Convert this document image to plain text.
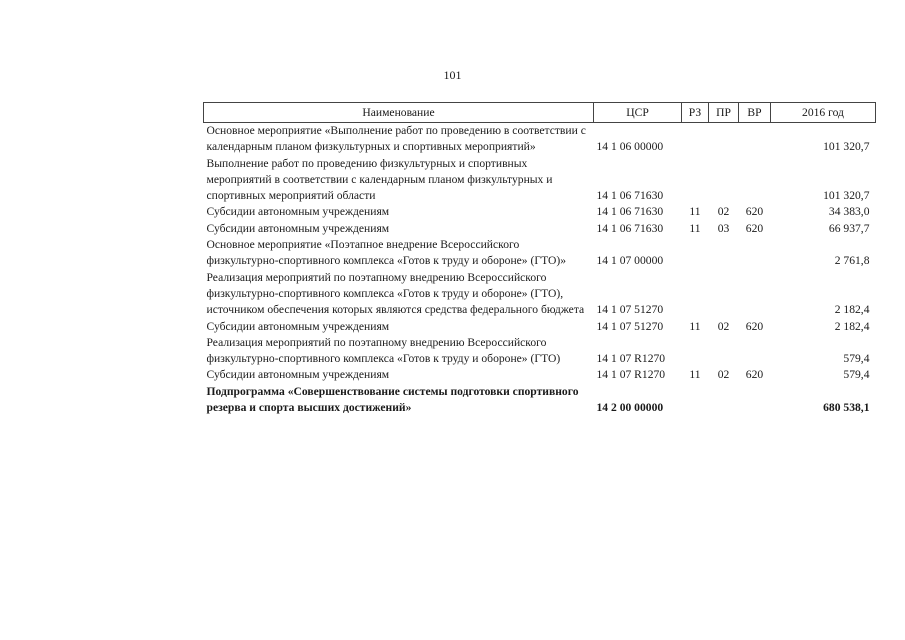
101
Наименование	ЦСР	РЗ	ПР	ВР	2016 год
Основное мероприятие «Выполнение работ по проведению в соответствии с календарным планом физкультурных и спортивных мероприятий»	14 1 06 00000				101 320,7
Выполнение работ по проведению физкультурных и спортивных мероприятий в соответствии с календарным планом физкультурных и спортивных мероприятий области	14 1 06 71630				101 320,7
Субсидии автономным учреждениям	14 1 06 71630	11	02	620	34 383,0
Субсидии автономным учреждениям	14 1 06 71630	11	03	620	66 937,7
Основное мероприятие «Поэтапное внедрение Всероссийского физкультурно-спортивного комплекса «Готов к труду и обороне» (ГТО)»	14 1 07 00000				2 761,8
Реализация мероприятий по поэтапному внедрению Всероссийского физкультурно-спортивного комплекса «Готов к труду и обороне» (ГТО), источником обеспечения которых являются средства федерального бюджета	14 1 07 51270				2 182,4
Субсидии автономным учреждениям	14 1 07 51270	11	02	620	2 182,4
Реализация мероприятий по поэтапному внедрению Всероссийского физкультурно-спортивного комплекса «Готов к труду и обороне» (ГТО)	14 1 07 R1270				579,4
Субсидии автономным учреждениям	14 1 07 R1270	11	02	620	579,4
Подпрограмма «Совершенствование системы подготовки спортивного резерва и спорта высших достижений»	14 2 00 00000				680 538,1
